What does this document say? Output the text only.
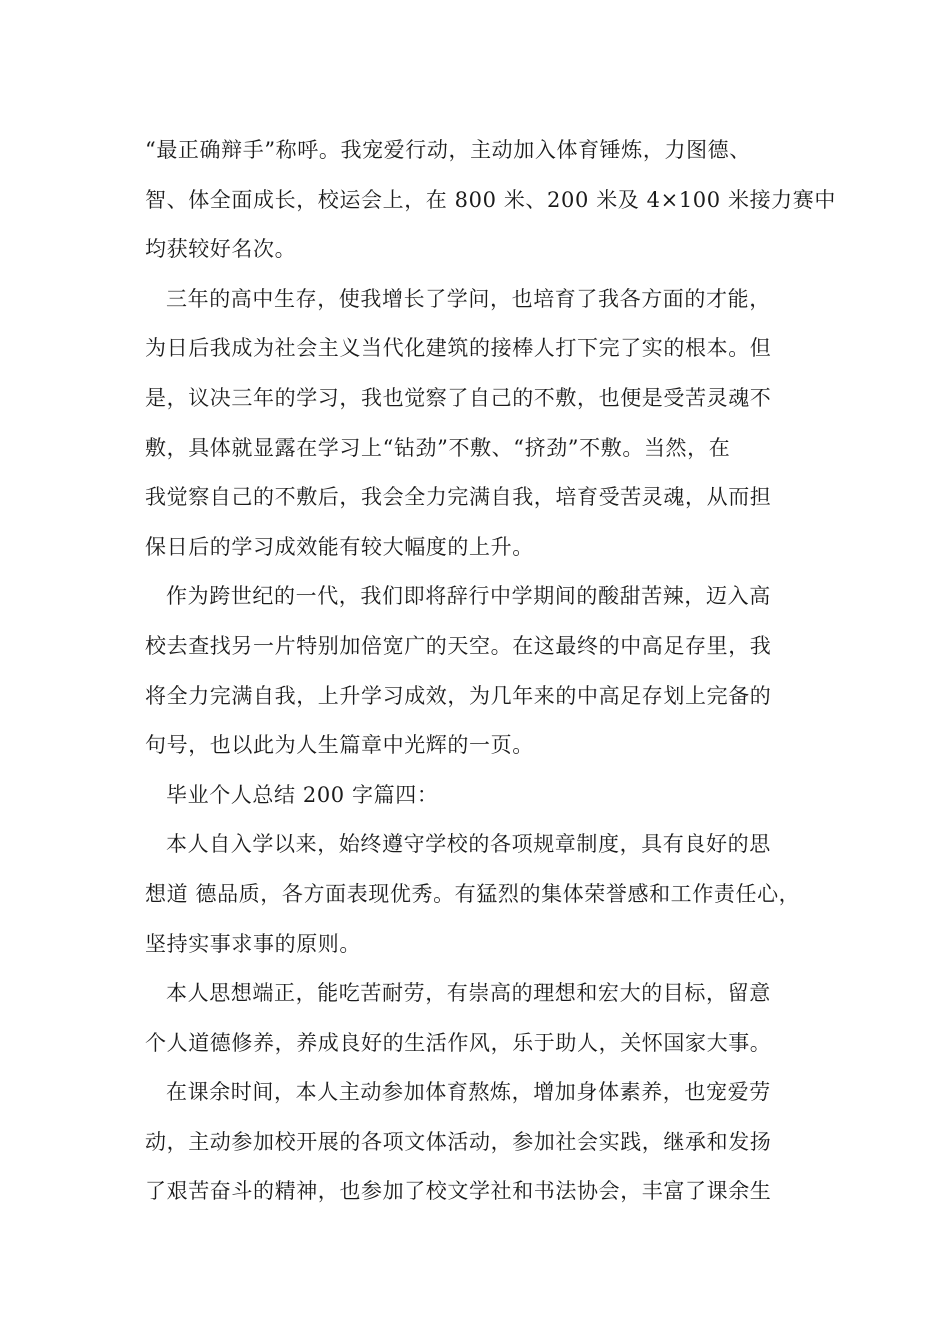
“最正确辩手”称呼。我宠爱行动，主动加入体育锤炼，力图德、
智、体全面成长，校运会上，在 800 米、200 米及 4×100 米接力赛中
均获较好名次。
三年的高中生存，使我增长了学问，也培育了我各方面的才能，
为日后我成为社会主义当代化建筑的接棒人打下完了实的根本。但
是，议决三年的学习，我也觉察了自己的不敷，也便是受苦灵魂不
敷，具体就显露在学习上“钻劲”不敷、“挤劲”不敷。当然，在
我觉察自己的不敷后，我会全力完满自我，培育受苦灵魂，从而担
保日后的学习成效能有较大幅度的上升。
作为跨世纪的一代，我们即将辞行中学期间的酸甜苦辣，迈入高
校去查找另一片特别加倍宽广的天空。在这最终的中高足存里，我
将全力完满自我，上升学习成效，为几年来的中高足存划上完备的
句号，也以此为人生篇章中光辉的一页。
毕业个人总结 200 字篇四：
本人自入学以来，始终遵守学校的各项规章制度，具有良好的思
想道 德品质，各方面表现优秀。有猛烈的集体荣誉感和工作责任心，
坚持实事求事的原则。
本人思想端正，能吃苦耐劳，有崇高的理想和宏大的目标，留意
个人道德修养，养成良好的生活作风，乐于助人，关怀国家大事。
在课余时间，本人主动参加体育熬炼，增加身体素养，也宠爱劳
动，主动参加校开展的各项文体活动，参加社会实践，继承和发扬
了艰苦奋斗的精神，也参加了校文学社和书法协会，丰富了课余生
